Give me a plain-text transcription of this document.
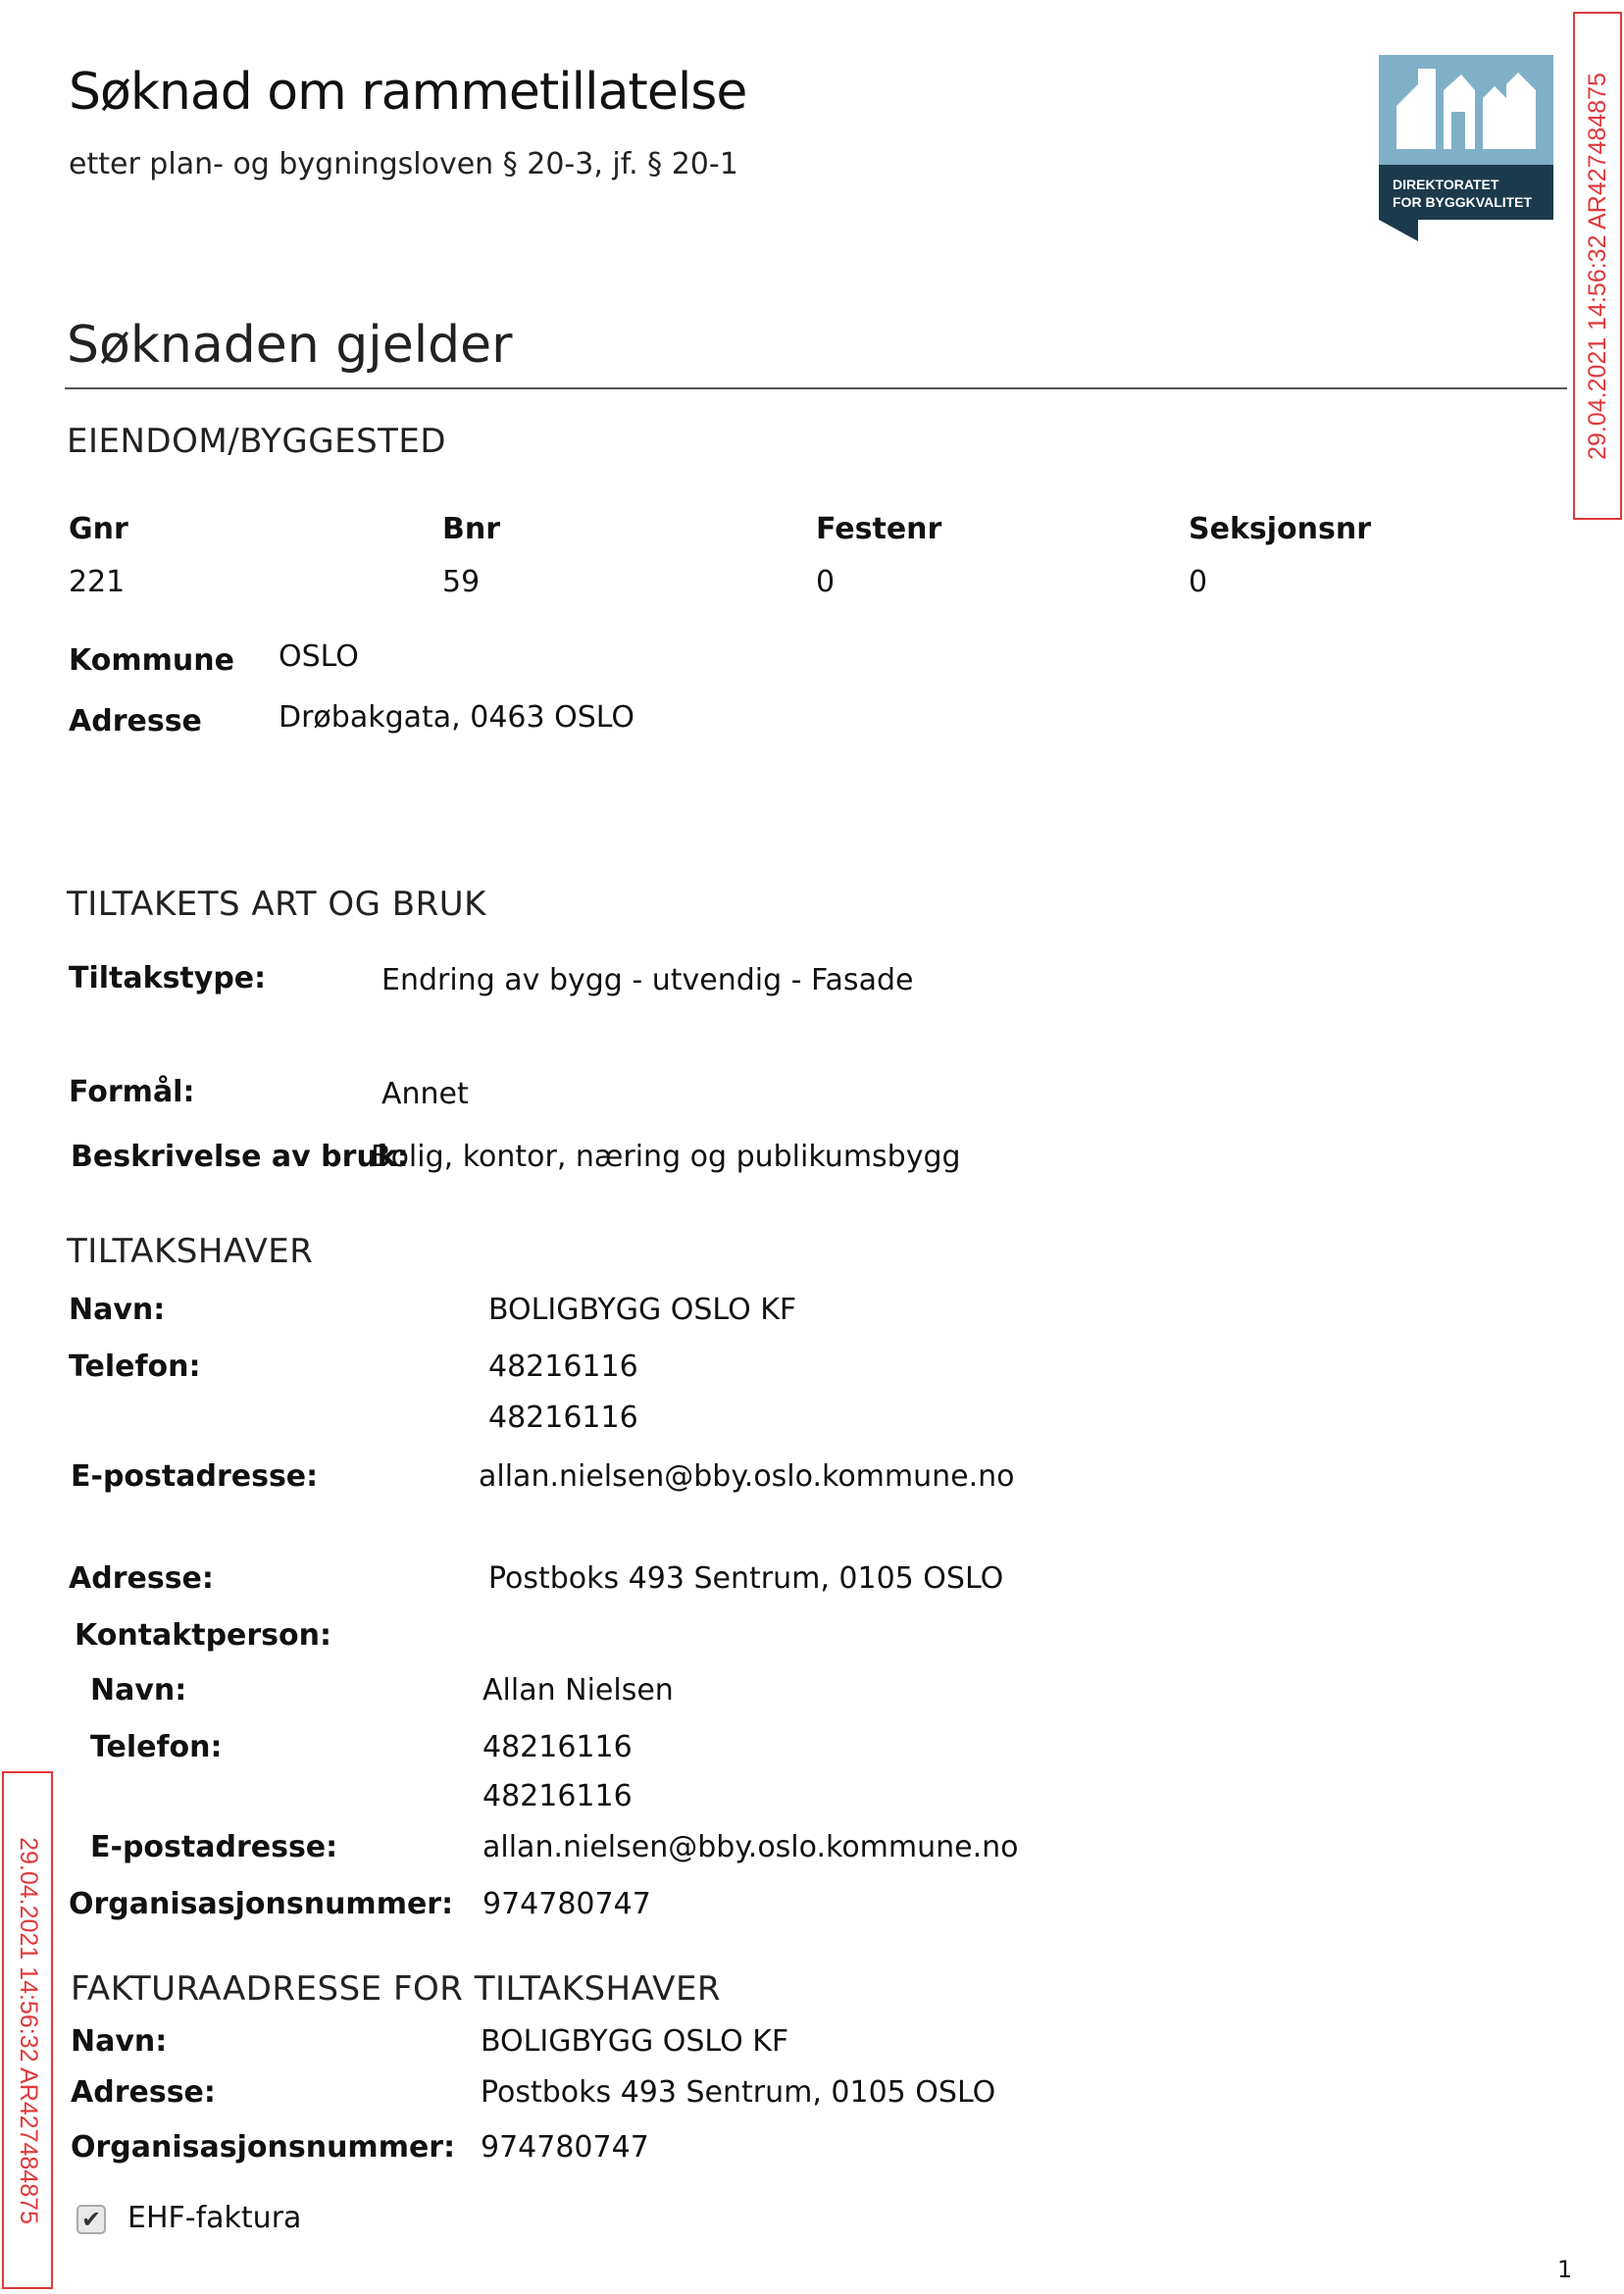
Søknad om rammetillatelse
etter plan- og bygningsloven § 20-3, jf. § 20-1
DIREKTORATET
FOR BYGGKVALITET 29.04.2021 14:56:32 AR427484875
29.04.2021 14:56:32 AR427484875
Søknaden gjelder
EIENDOM/BYGGESTED
Gnr	Bnr	Festenr	Seksjonsnr
221	59	0	0
Kommune OSLO
Adresse	Drøbakgata, 0463 OSLO
TILTAKETS ART OG BRUK
Tiltakstype:	Endring av bygg - utvendig - Fasade
Formål:	Annet
Beskrivelse av bruk:
Bolig, kontor, næring og publikumsbygg
TILTAKSHAVER
Navn:	BOLIGBYGG OSLO KF
Telefon:	48216116
48216116
E-postadresse:	allan.nielsen@bby.oslo.kommune.no
Adresse:	Postboks 493 Sentrum, 0105 OSLO
Kontaktperson:
Navn:	Allan Nielsen
Telefon:	48216116
48216116
E-postadresse:	allan.nielsen@bby.oslo.kommune.no
Organisasjonsnummer: 974780747
FAKTURAADRESSE FOR TILTAKSHAVER
Navn:	BOLIGBYGG OSLO KF
Adresse:	Postboks 493 Sentrum, 0105 OSLO
Organisasjonsnummer: 974780747
✔ EHF-faktura
1
